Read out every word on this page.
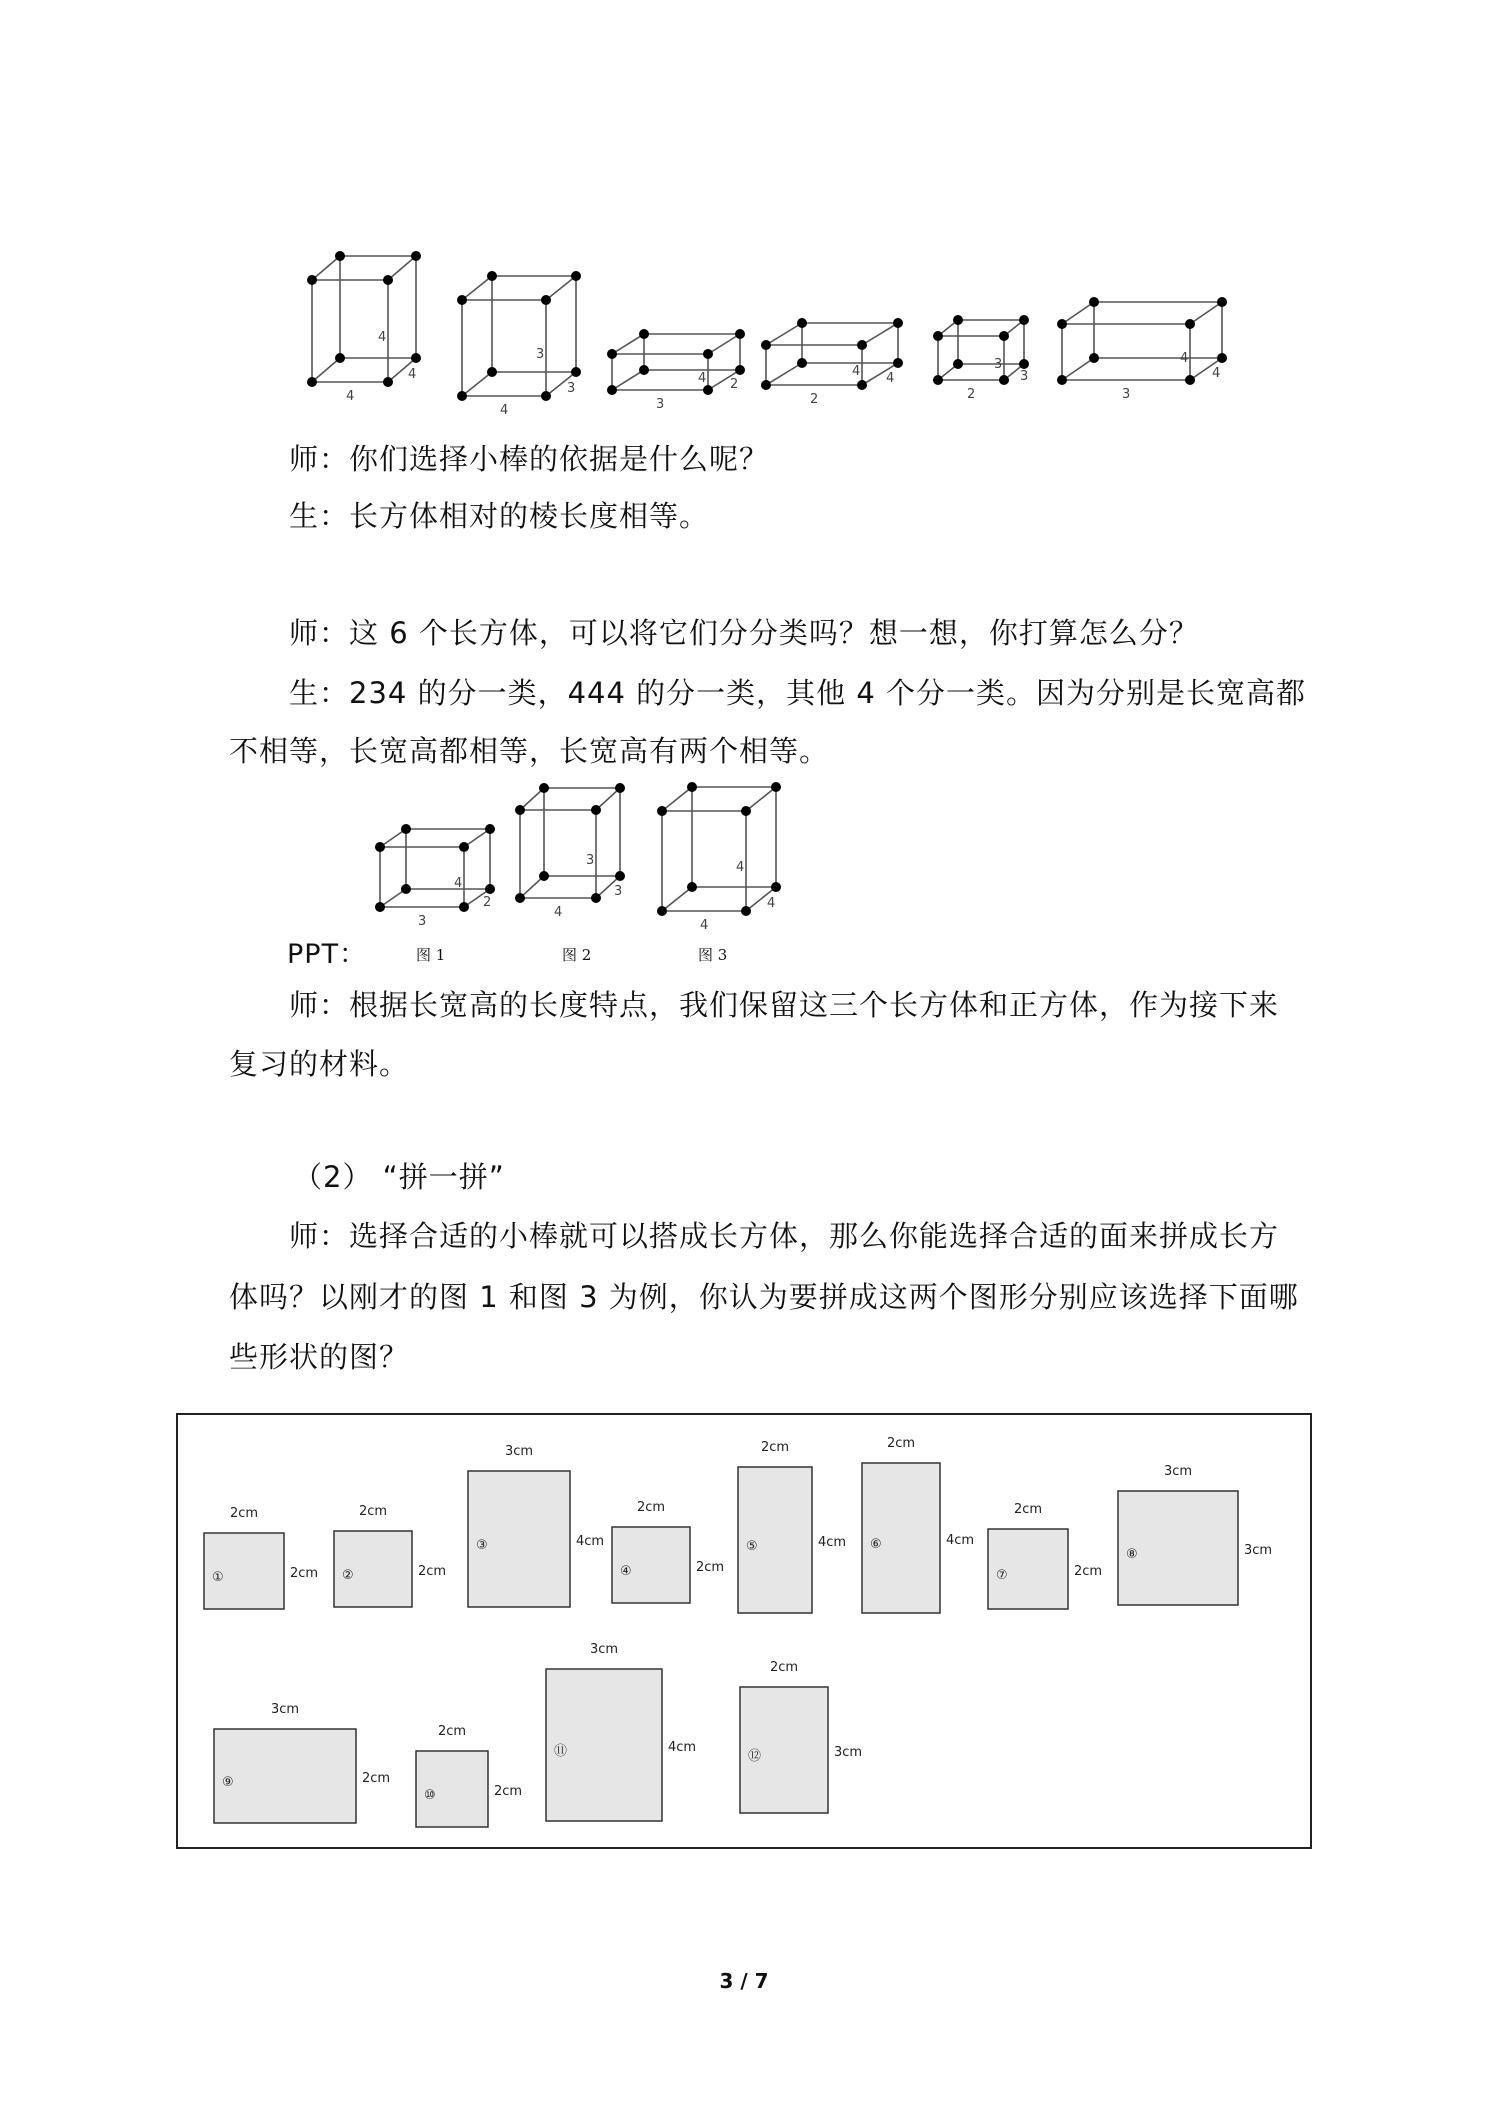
4
4
4
4
3
3
3
4 2
2
4 4
2
3
3
3
4
4
师：你们选择小棒的依据是什么呢？
生：长方体相对的棱长度相等。
师：这 6 个长方体，可以将它们分分类吗？想一想，你打算怎么分？
生：234 的分一类，444 的分一类，其他 4 个分一类。因为分别是长宽高都
不相等，长宽高都相等，长宽高有两个相等。
3
4
2
4
3
3
4
4
4
PPT：	图 1	图 2	图 3
师：根据长宽高的长度特点，我们保留这三个长方体和正方体，作为接下来
复习的材料。
（2） “拼一拼”
师：选择合适的小棒就可以搭成长方体，那么你能选择合适的面来拼成长方
体吗？以刚才的图 1 和图 3 为例，你认为要拼成这两个图形分别应该选择下面哪
些形状的图？
2cm
2cm
①
2cm
2cm
②
3cm
4cm
③
2cm
2cm
④
2cm
4cm
⑤
2cm
4cm
⑥
2cm
2cm
⑦
3cm
3cm
⑧
3cm
2cm
⑨
2cm
2cm
⑩
3cm
4cm
⑪
2cm
3cm
⑫
3 / 7
